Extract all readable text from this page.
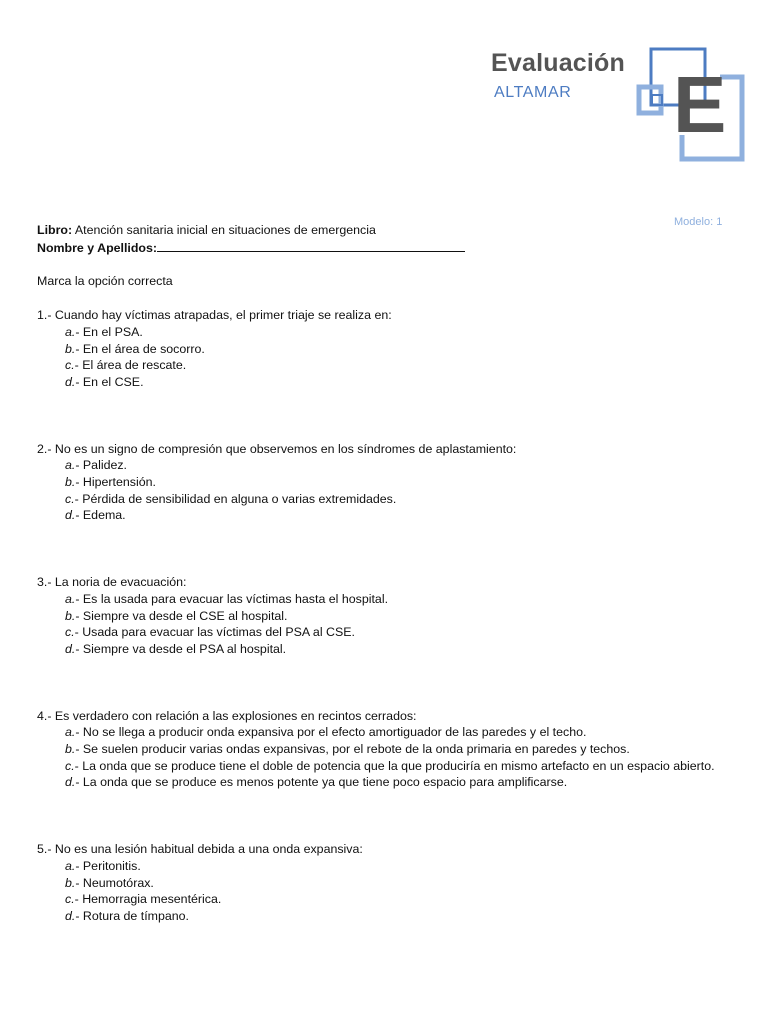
Evaluación
ALTAMAR E
Modelo: 1

Libro: Atención sanitaria inicial en situaciones de emergencia

Nombre y Apellidos:

Marca la opción correcta

1.- Cuando hay víctimas atrapadas, el primer triaje se realiza en:

a.- En el PSA.
b.- En el área de socorro.
c.- El área de rescate.
d.- En el CSE.

2.- No es un signo de compresión que observemos en los síndromes de aplastamiento:

a.- Palidez.
b.- Hipertensión.
c.- Pérdida de sensibilidad en alguna o varias extremidades.
d.- Edema.

3.- La noria de evacuación:

a.- Es la usada para evacuar las víctimas hasta el hospital.
b.- Siempre va desde el CSE al hospital.
c.- Usada para evacuar las víctimas del PSA al CSE.
d.- Siempre va desde el PSA al hospital.

4.- Es verdadero con relación a las explosiones en recintos cerrados:

a.- No se llega a producir onda expansiva por el efecto amortiguador de las paredes y el techo.
b.- Se suelen producir varias ondas expansivas, por el rebote de la onda primaria en paredes y techos.
c.- La onda que se produce tiene el doble de potencia que la que produciría en mismo artefacto en un espacio abierto.
d.- La onda que se produce es menos potente ya que tiene poco espacio para amplificarse.

5.- No es una lesión habitual debida a una onda expansiva:

a.- Peritonitis.
b.- Neumotórax.
c.- Hemorragia mesentérica.
d.- Rotura de tímpano.
